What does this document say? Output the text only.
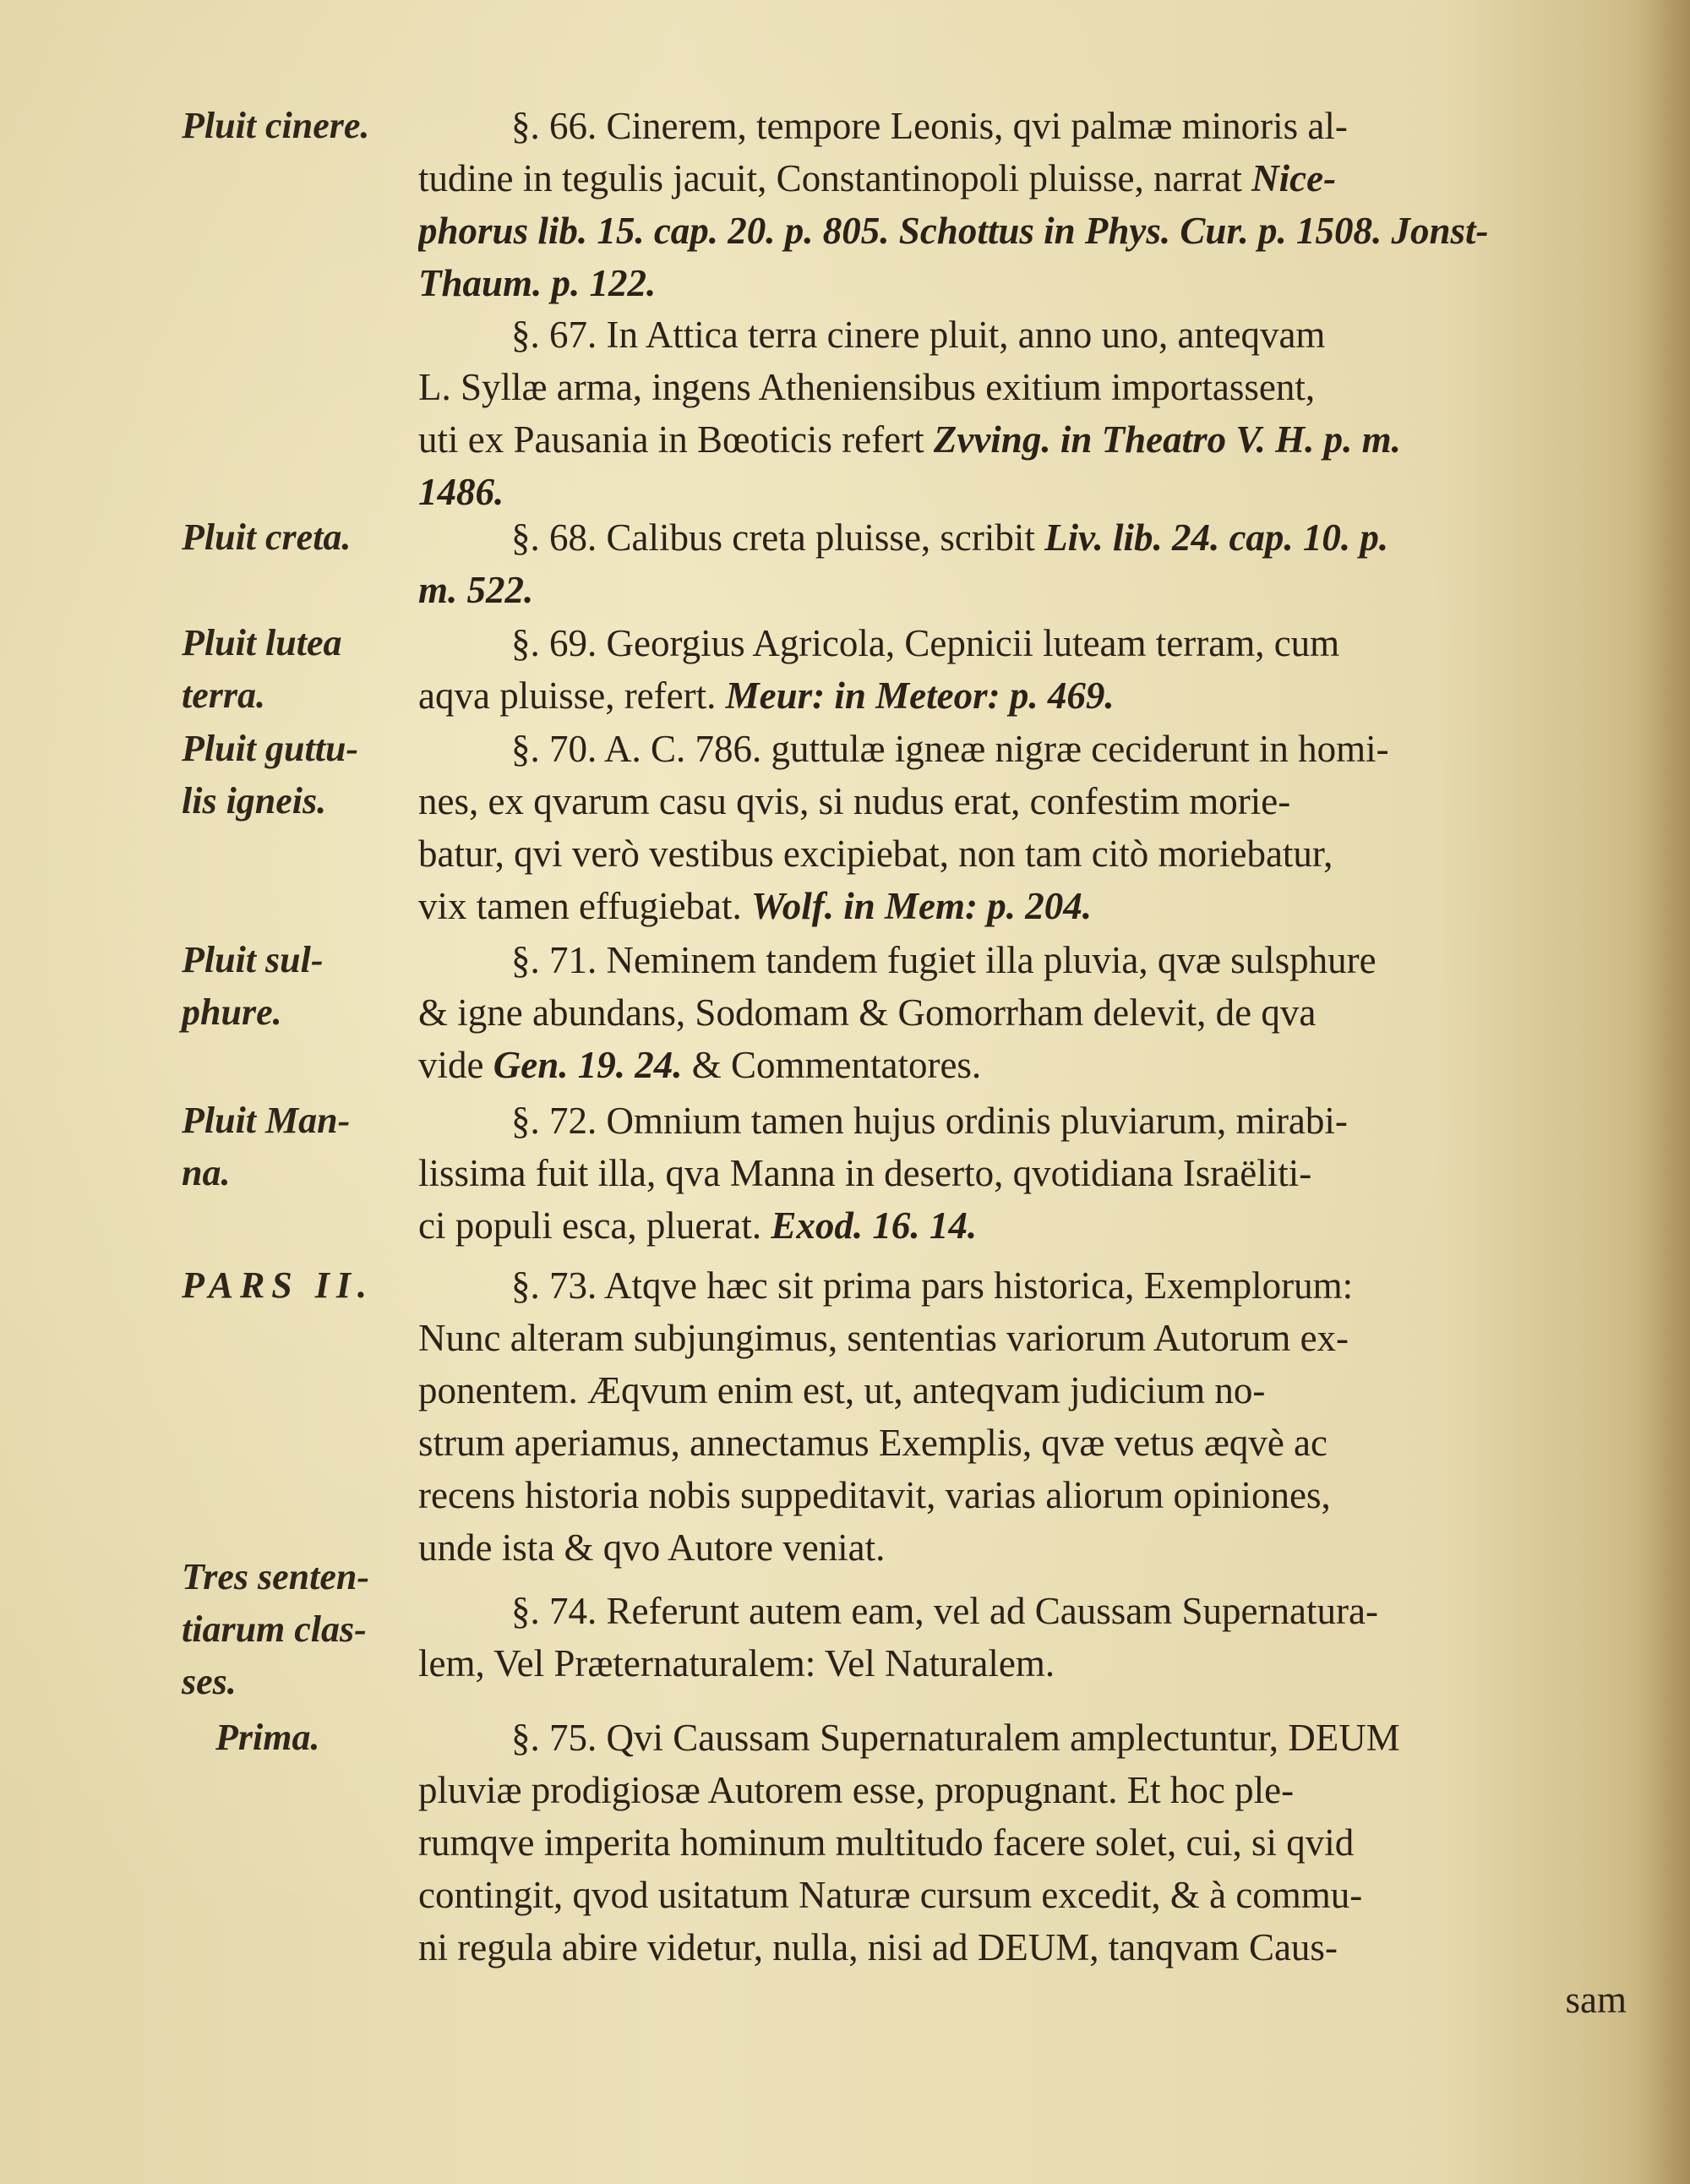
Pluit cinere.
Pluit creta.
Pluit lutea
terra.
Pluit guttu-
lis igneis.
Pluit sul-
phure.
Pluit Man-
na.
PARS II.
Tres senten-
tiarum clas-
ses.
Prima.
§. 66. Cinerem, tempore Leonis, qvi palmæ minoris al-
tudine in tegulis jacuit, Constantinopoli pluisse, narrat Nice-
phorus lib. 15. cap. 20. p. 805. Schottus in Phys. Cur. p. 1508. Jonst-
Thaum. p. 122.
§. 67. In Attica terra cinere pluit, anno uno, anteqvam
L. Syllæ arma, ingens Atheniensibus exitium importassent,
uti ex Pausania in Bœoticis refert Zvving. in Theatro V. H. p. m.
1486.
§. 68. Calibus creta pluisse, scribit Liv. lib. 24. cap. 10. p.
m. 522.
§. 69. Georgius Agricola, Cepnicii luteam terram, cum
aqva pluisse, refert. Meur: in Meteor: p. 469.
§. 70. A. C. 786. guttulæ igneæ nigræ ceciderunt in homi-
nes, ex qvarum casu qvis, si nudus erat, confestim morie-
batur, qvi verò vestibus excipiebat, non tam citò moriebatur,
vix tamen effugiebat. Wolf. in Mem: p. 204.
§. 71. Neminem tandem fugiet illa pluvia, qvæ sulsphure
& igne abundans, Sodomam & Gomorrham delevit, de qva
vide Gen. 19. 24. & Commentatores.
§. 72. Omnium tamen hujus ordinis pluviarum, mirabi-
lissima fuit illa, qva Manna in deserto, qvotidiana Israëliti-
ci populi esca, pluerat. Exod. 16. 14.
§. 73. Atqve hæc sit prima pars historica, Exemplorum:
Nunc alteram subjungimus, sententias variorum Autorum ex-
ponentem. Æqvum enim est, ut, anteqvam judicium no-
strum aperiamus, annectamus Exemplis, qvæ vetus æqvè ac
recens historia nobis suppeditavit, varias aliorum opiniones,
unde ista & qvo Autore veniat.
§. 74. Referunt autem eam, vel ad Caussam Supernatura-
lem, Vel Præternaturalem: Vel Naturalem.
§. 75. Qvi Caussam Supernaturalem amplectuntur, DEUM
pluviæ prodigiosæ Autorem esse, propugnant. Et hoc ple-
rumqve imperita hominum multitudo facere solet, cui, si qvid
contingit, qvod usitatum Naturæ cursum excedit, & à commu-
ni regula abire videtur, nulla, nisi ad DEUM, tanqvam Caus-
sam
